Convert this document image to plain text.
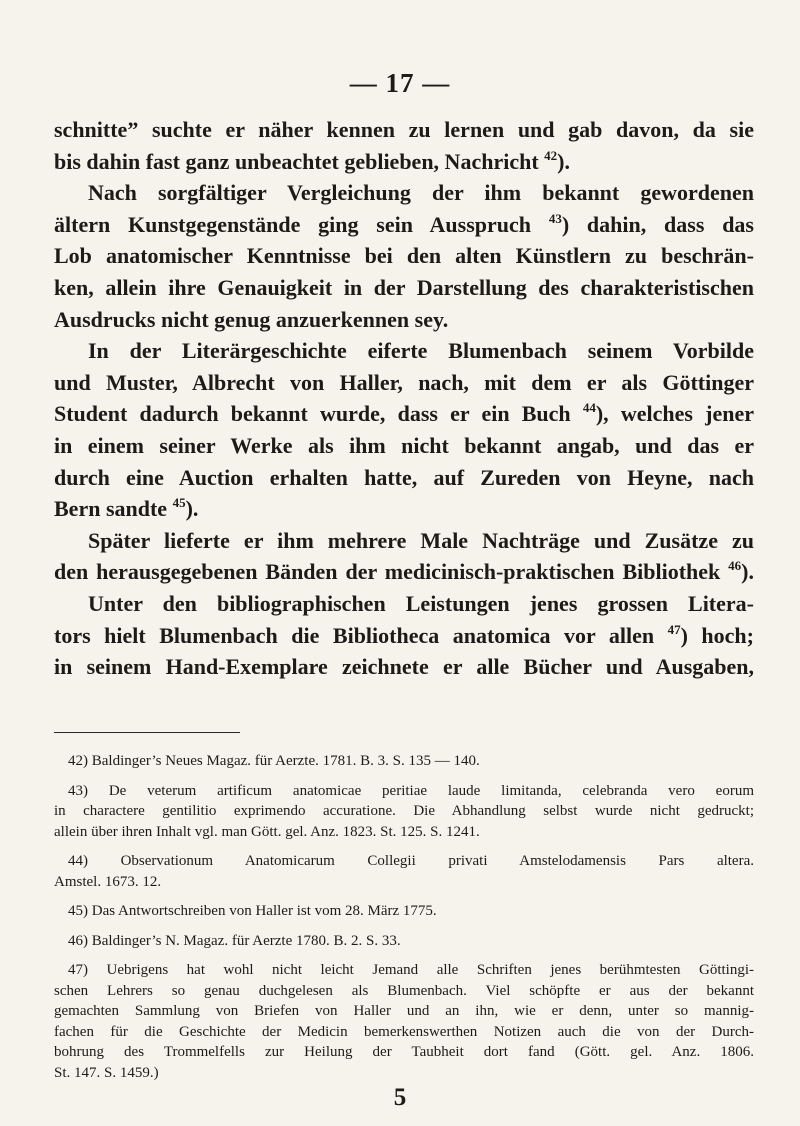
— 17 —
schnitte” suchte er näher kennen zu lernen und gab davon, da sie
bis dahin fast ganz unbeachtet geblieben, Nachricht $^{42}$).
Nach sorgfältiger Vergleichung der ihm bekannt gewordenen
ältern Kunstgegenstände ging sein Ausspruch $^{43}$) dahin, dass das
Lob anatomischer Kenntnisse bei den alten Künstlern zu beschrän-
ken, allein ihre Genauigkeit in der Darstellung des charakteristischen
Ausdrucks nicht genug anzuerkennen sey.
In der Literärgeschichte eiferte Blumenbach seinem Vorbilde
und Muster, Albrecht von Haller, nach, mit dem er als Göttinger
Student dadurch bekannt wurde, dass er ein Buch $^{44}$), welches jener
in einem seiner Werke als ihm nicht bekannt angab, und das er
durch eine Auction erhalten hatte, auf Zureden von Heyne, nach
Bern sandte $^{45}$).
Später lieferte er ihm mehrere Male Nachträge und Zusätze zu
den herausgegebenen Bänden der medicinisch-praktischen Bibliothek $^{46}$).
Unter den bibliographischen Leistungen jenes grossen Litera-
tors hielt Blumenbach die Bibliotheca anatomica vor allen $^{47}$) hoch;
in seinem Hand-Exemplare zeichnete er alle Bücher und Ausgaben,
42) Baldinger’s Neues Magaz. für Aerzte. 1781. B. 3. S. 135 — 140.
43) De veterum artificum anatomicae peritiae laude limitanda, celebranda vero eorum
in charactere gentilitio exprimendo accuratione. Die Abhandlung selbst wurde nicht gedruckt;
allein über ihren Inhalt vgl. man Gött. gel. Anz. 1823. St. 125. S. 1241.
44) Observationum Anatomicarum Collegii privati Amstelodamensis Pars altera.
Amstel. 1673. 12.
45) Das Antwortschreiben von Haller ist vom 28. März 1775.
46) Baldinger’s N. Magaz. für Aerzte 1780. B. 2. S. 33.
47) Uebrigens hat wohl nicht leicht Jemand alle Schriften jenes berühmtesten Göttingi-
schen Lehrers so genau duchgelesen als Blumenbach. Viel schöpfte er aus der bekannt
gemachten Sammlung von Briefen von Haller und an ihn, wie er denn, unter so mannig-
fachen für die Geschichte der Medicin bemerkenswerthen Notizen auch die von der Durch-
bohrung des Trommelfells zur Heilung der Taubheit dort fand (Gött. gel. Anz. 1806.
St. 147. S. 1459.)
5
